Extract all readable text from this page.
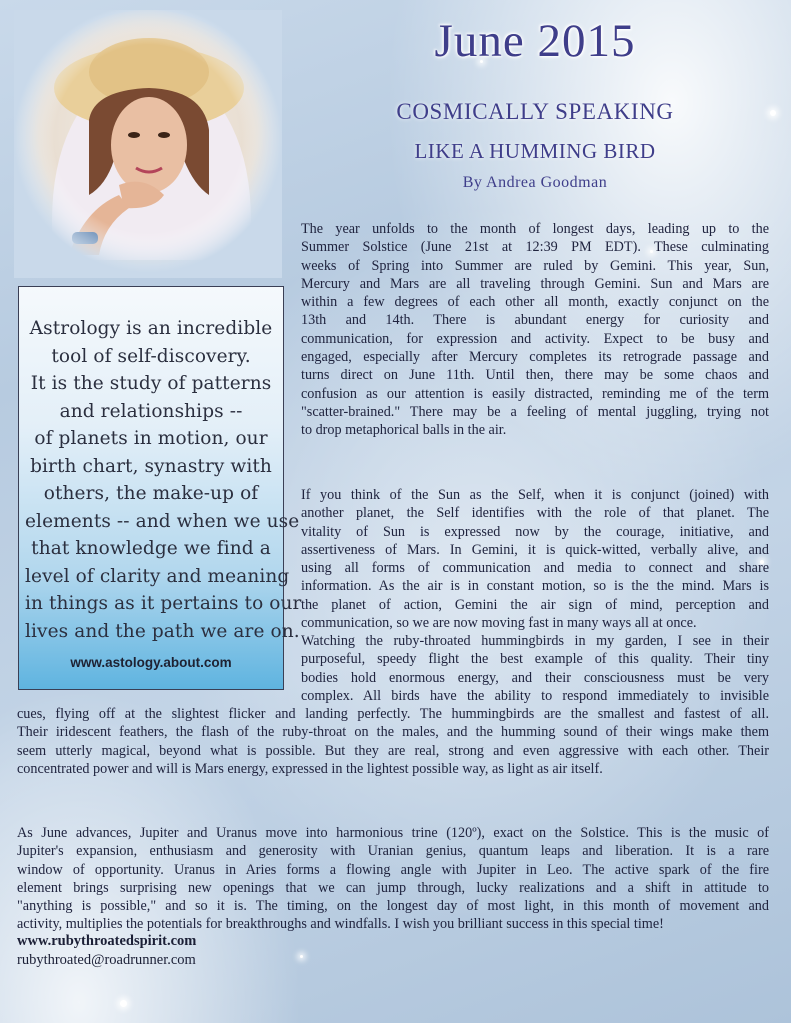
Astrology is an incredible
tool of self-discovery.
It is the study of patterns
and relationships --
of planets in motion, our
birth chart, synastry with
others, the make-up of
elements -- and when we use
that knowledge we find a
level of clarity and meaning
in things as it pertains to our
lives and the path we are on.
www.astology.about.com
June 2015
COSMICALLY SPEAKING
LIKE A HUMMING BIRD
By Andrea Goodman

The year unfolds to the month of longest days, leading up to the
Summer Solstice (June 21st at 12:39 PM EDT). These culminating
weeks of Spring into Summer are ruled by Gemini. This year, Sun,
Mercury and Mars are all traveling through Gemini. Sun and Mars are
within a few degrees of each other all month, exactly conjunct on the
13th and 14th. There is abundant energy for curiosity and
communication, for expression and activity. Expect to be busy and
engaged, especially after Mercury completes its retrograde passage and
turns direct on June 11th. Until then, there may be some chaos and
confusion as our attention is easily distracted, reminding me of the term
"scatter-brained." There may be a feeling of mental juggling, trying not
to drop metaphorical balls in the air.

If you think of the Sun as the Self, when it is conjunct (joined) with
another planet, the Self identifies with the role of that planet. The
vitality of Sun is expressed now by the courage, initiative, and
assertiveness of Mars. In Gemini, it is quick-witted, verbally alive, and
using all forms of communication and media to connect and share
information. As the air is in constant motion, so is the the mind. Mars is
the planet of action, Gemini the air sign of mind, perception and
communication, so we are now moving fast in many ways all at once.

Watching the ruby-throated hummingbirds in my garden, I see in their
purposeful, speedy flight the best example of this quality. Their tiny
bodies hold enormous energy, and their consciousness must be very
complex. All birds have the ability to respond immediately to invisible

cues, flying off at the slightest flicker and landing perfectly. The hummingbirds are the smallest and fastest of all.
Their iridescent feathers, the flash of the ruby-throat on the males, and the humming sound of their wings make them
seem utterly magical, beyond what is possible. But they are real, strong and even aggressive with each other. Their
concentrated power and will is Mars energy, expressed in the lightest possible way, as light as air itself.

As June advances, Jupiter and Uranus move into harmonious trine (120º), exact on the Solstice. This is the music of
Jupiter's expansion, enthusiasm and generosity with Uranian genius, quantum leaps and liberation. It is a rare
window of opportunity. Uranus in Aries forms a flowing angle with Jupiter in Leo. The active spark of the fire
element brings surprising new openings that we can jump through, lucky realizations and a shift in attitude to
"anything is possible," and so it is. The timing, on the longest day of most light, in this month of movement and
activity, multiplies the potentials for breakthroughs and windfalls. I wish you brilliant success in this special time!

www.rubythroatedspirit.com
rubythroated@roadrunner.com
